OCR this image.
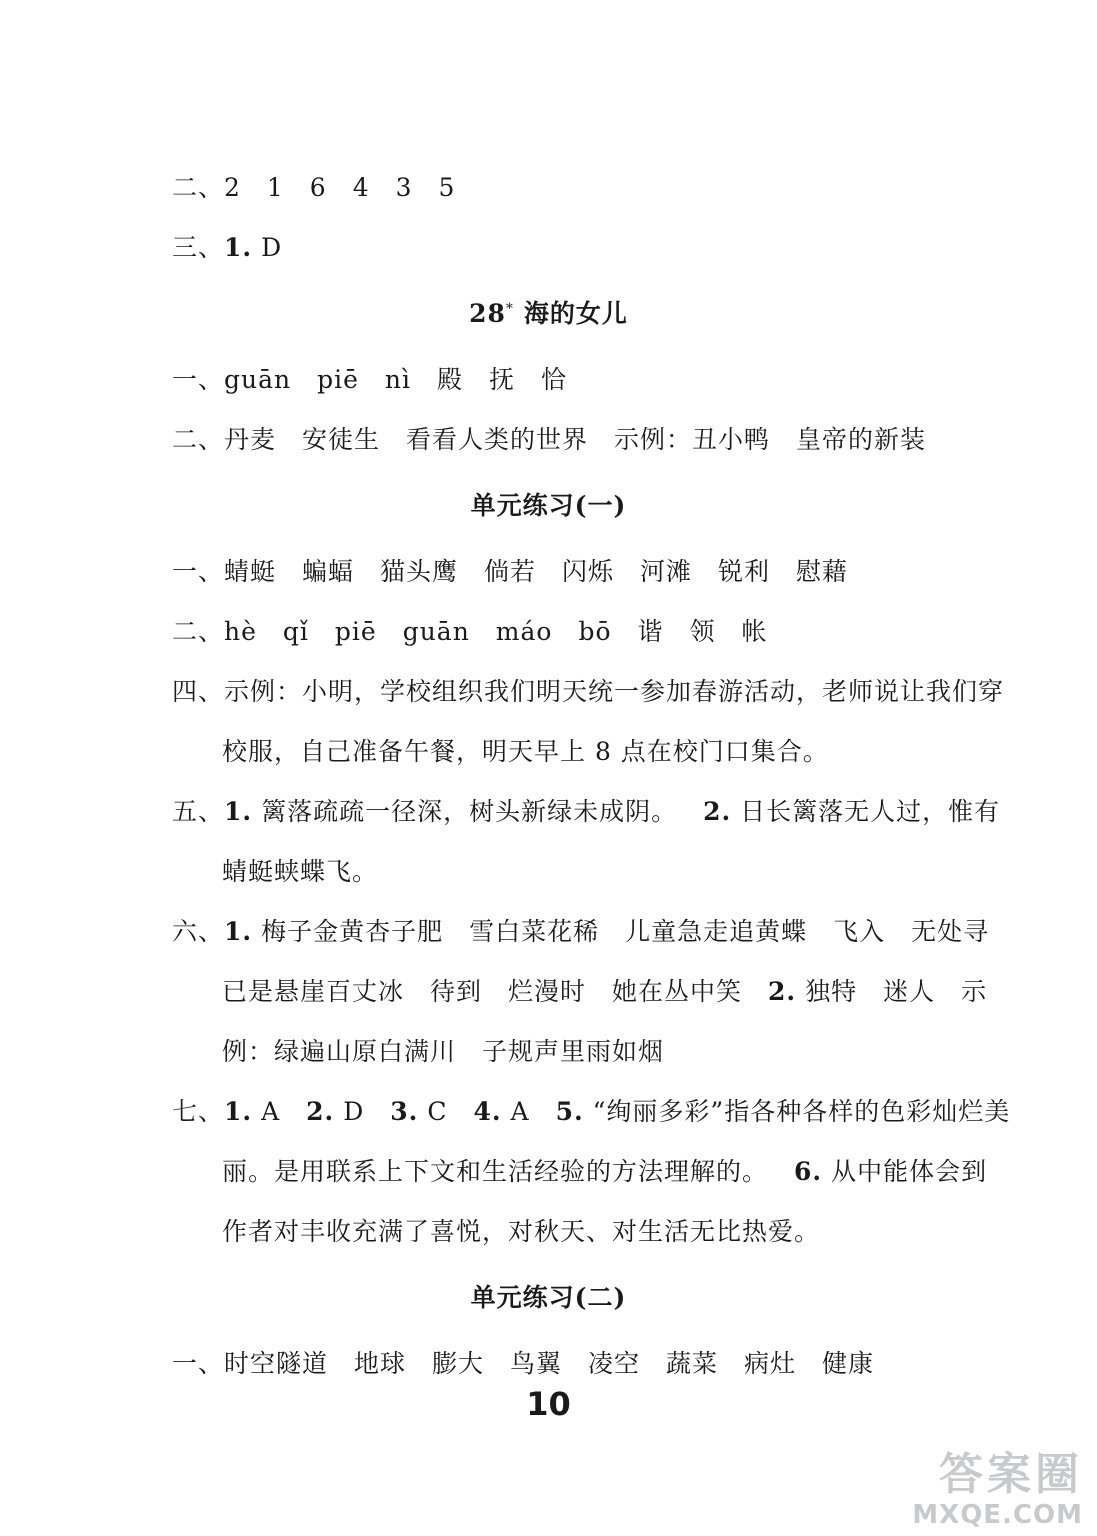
二、2　1　6　4　3　5
三、1. D
28* 海的女儿
一、guān　piē　nì　殿　抚　恰
二、丹麦　安徒生　看看人类的世界　示例：丑小鸭　皇帝的新装
单元练习(一)
一、蜻蜓　蝙蝠　猫头鹰　倘若　闪烁　河滩　锐利　慰藉
二、hè　qǐ　piē　guān　máo　bō　谐　领　帐
四、示例：小明，学校组织我们明天统一参加春游活动，老师说让我们穿
校服，自己准备午餐，明天早上 8 点在校门口集合。
五、1. 篱落疏疏一径深，树头新绿未成阴。 2. 日长篱落无人过，惟有
蜻蜓蛱蝶飞。
六、1. 梅子金黄杏子肥　雪白菜花稀　儿童急走追黄蝶　飞入　无处寻
已是悬崖百丈冰　待到　烂漫时　她在丛中笑　 2. 独特　迷人　示
例：绿遍山原白满川　子规声里雨如烟
七、1. A 2. D 3. C 4. A 5. “绚丽多彩”指各种各样的色彩灿烂美
丽。是用联系上下文和生活经验的方法理解的。 6. 从中能体会到
作者对丰收充满了喜悦，对秋天、对生活无比热爱。
单元练习(二)
一、时空隧道　地球　膨大　鸟翼　凌空　蔬菜　病灶　健康
10
答案圈
MXQE.COM
